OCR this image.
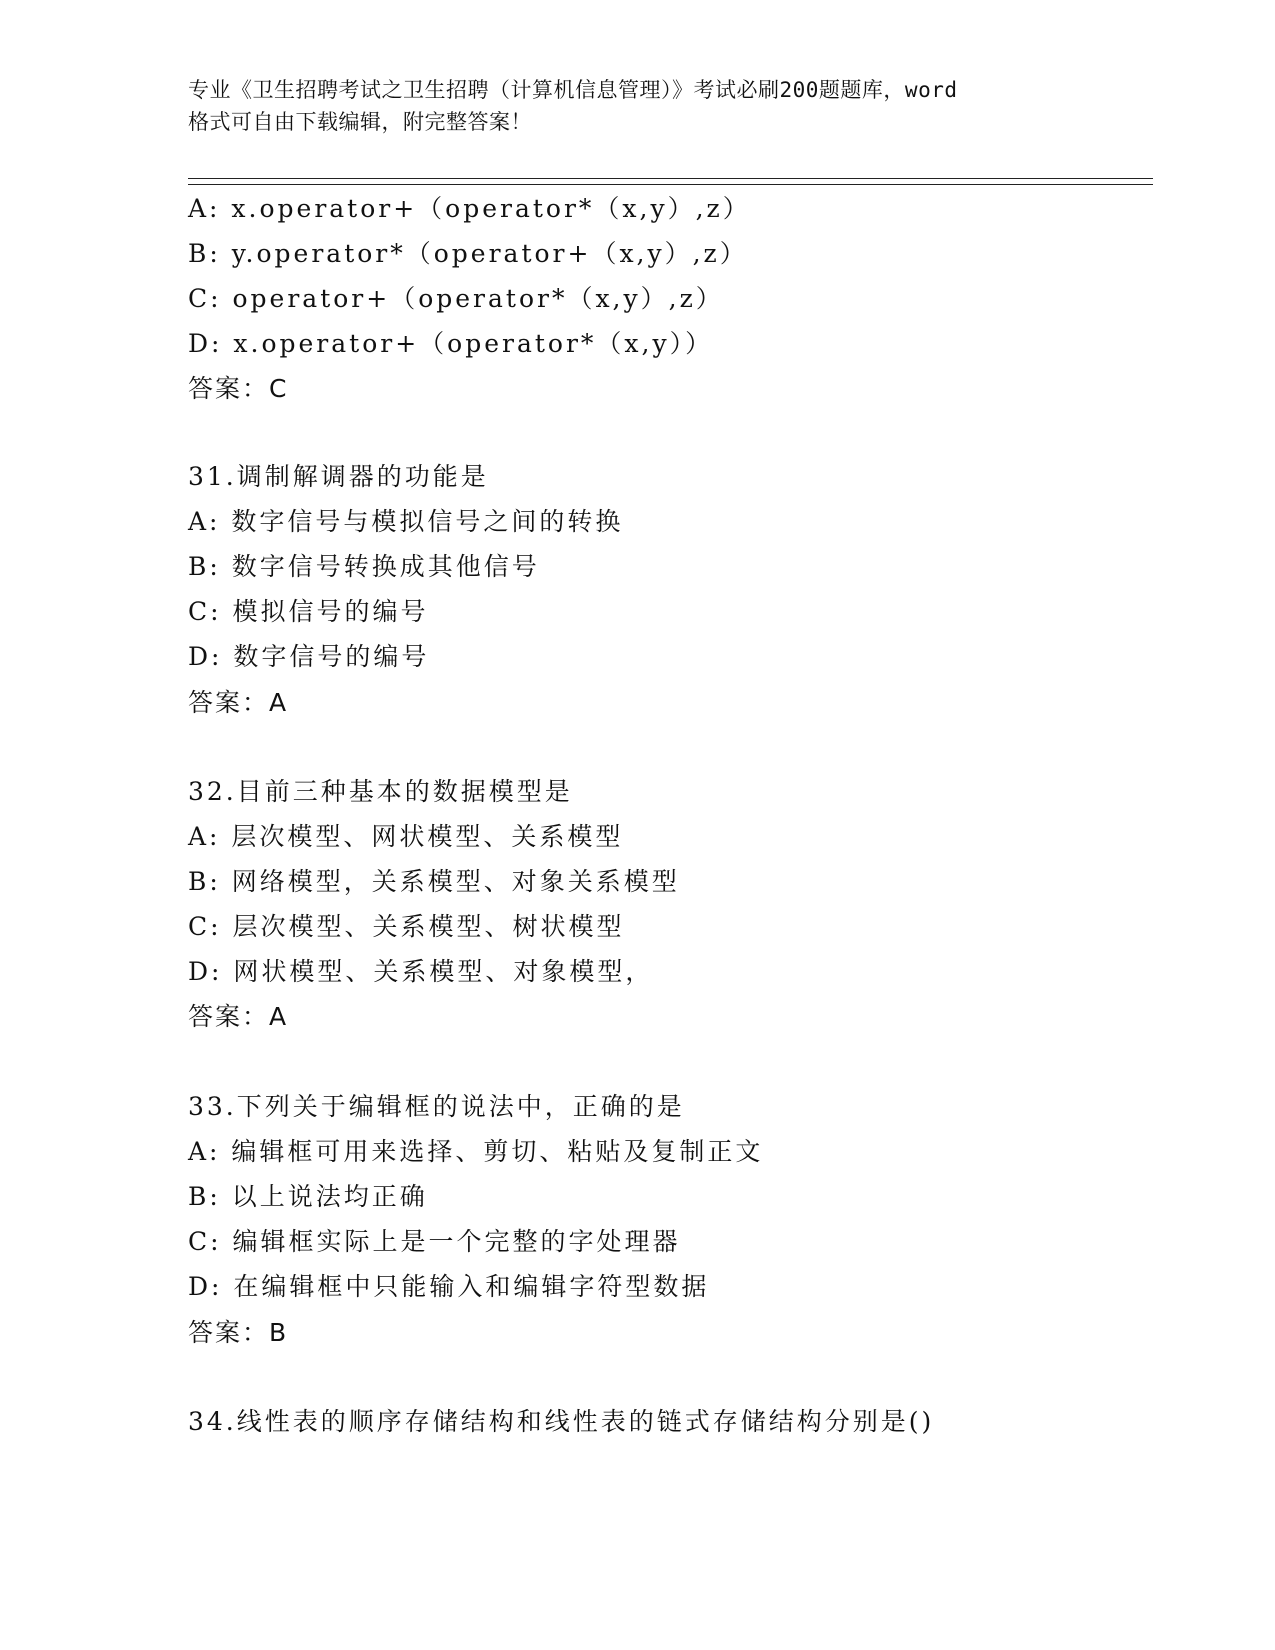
专业《卫生招聘考试之卫生招聘（计算机信息管理）》考试必刷200题题库，word
格式可自由下载编辑，附完整答案！
A: x.operator+（operator*（x,y）,z）
B: y.operator*（operator+（x,y）,z）
C: operator+（operator*（x,y）,z）
D: x.operator+（operator*（x,y））
答案：C
31.调制解调器的功能是
A: 数字信号与模拟信号之间的转换
B: 数字信号转换成其他信号
C: 模拟信号的编号
D: 数字信号的编号
答案：A
32.目前三种基本的数据模型是
A: 层次模型、网状模型、关系模型
B: 网络模型，关系模型、对象关系模型
C: 层次模型、关系模型、树状模型
D: 网状模型、关系模型、对象模型，
答案：A
33.下列关于编辑框的说法中，正确的是
A: 编辑框可用来选择、剪切、粘贴及复制正文
B: 以上说法均正确
C: 编辑框实际上是一个完整的字处理器
D: 在编辑框中只能输入和编辑字符型数据
答案：B
34.线性表的顺序存储结构和线性表的链式存储结构分别是()
